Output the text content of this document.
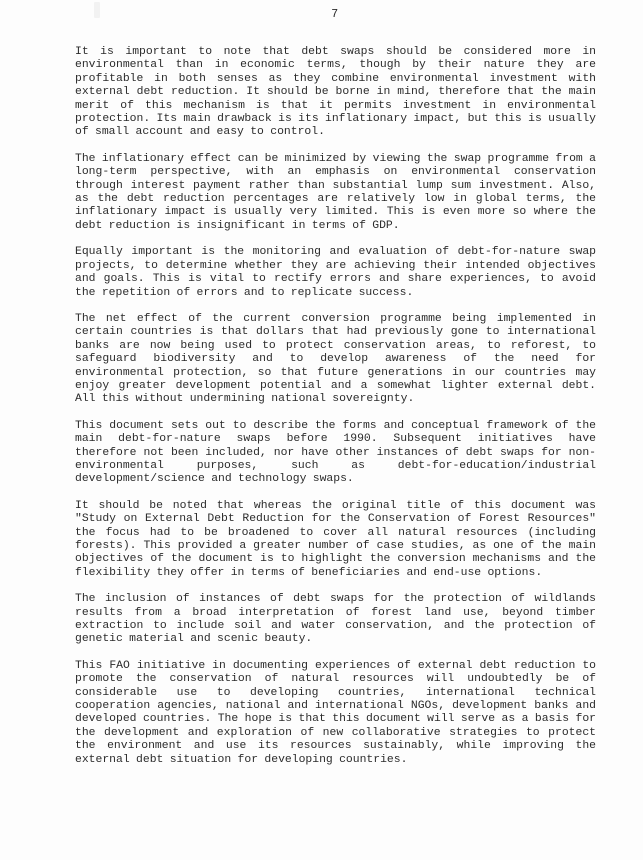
7

It is important to note that debt swaps should be considered more in environmental than in economic terms, though by their nature they are profitable in both senses as they combine environmental investment with external debt reduction. It should be borne in mind, therefore that the main merit of this mechanism is that it permits investment in environmental protection. Its main drawback is its inflationary impact, but this is usually of small account and easy to control.

The inflationary effect can be minimized by viewing the swap programme from a long-term perspective, with an emphasis on environmental conservation through interest payment rather than substantial lump sum investment. Also, as the debt reduction percentages are relatively low in global terms, the inflationary impact is usually very limited. This is even more so where the debt reduction is insignificant in terms of GDP.

Equally important is the monitoring and evaluation of debt-for-nature swap projects, to determine whether they are achieving their intended objectives and goals. This is vital to rectify errors and share experiences, to avoid the repetition of errors and to replicate success.

The net effect of the current conversion programme being implemented in certain countries is that dollars that had previously gone to international banks are now being used to protect conservation areas, to reforest, to safeguard biodiversity and to develop awareness of the need for environmental protection, so that future generations in our countries may enjoy greater development potential and a somewhat lighter external debt. All this without undermining national sovereignty.

This document sets out to describe the forms and conceptual framework of the main debt-for-nature swaps before 1990. Subsequent initiatives have therefore not been included, nor have other instances of debt swaps for non-environmental purposes, such as debt-for-education/industrial development/science and technology swaps.

It should be noted that whereas the original title of this document was "Study on External Debt Reduction for the Conservation of Forest Resources" the focus had to be broadened to cover all natural resources (including forests). This provided a greater number of case studies, as one of the main objectives of the document is to highlight the conversion mechanisms and the flexibility they offer in terms of beneficiaries and end-use options.

The inclusion of instances of debt swaps for the protection of wildlands results from a broad interpretation of forest land use, beyond timber extraction to include soil and water conservation, and the protection of genetic material and scenic beauty.

This FAO initiative in documenting experiences of external debt reduction to promote the conservation of natural resources will undoubtedly be of considerable use to developing countries, international technical cooperation agencies, national and international NGOs, development banks and developed countries. The hope is that this document will serve as a basis for the development and exploration of new collaborative strategies to protect the environment and use its resources sustainably, while improving the external debt situation for developing countries.
